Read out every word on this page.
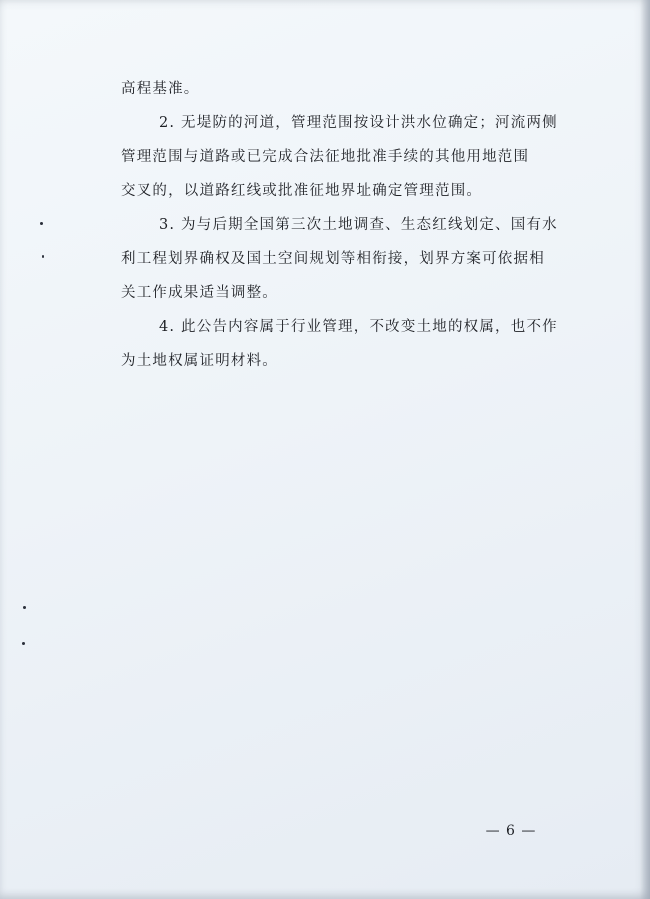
高程基准。
2. 无堤防的河道，管理范围按设计洪水位确定；河流两侧
管理范围与道路或已完成合法征地批准手续的其他用地范围
交叉的，以道路红线或批准征地界址确定管理范围。
3. 为与后期全国第三次土地调查、生态红线划定、国有水
利工程划界确权及国土空间规划等相衔接，划界方案可依据相
关工作成果适当调整。
4. 此公告内容属于行业管理，不改变土地的权属，也不作
为土地权属证明材料。
— 6 —
